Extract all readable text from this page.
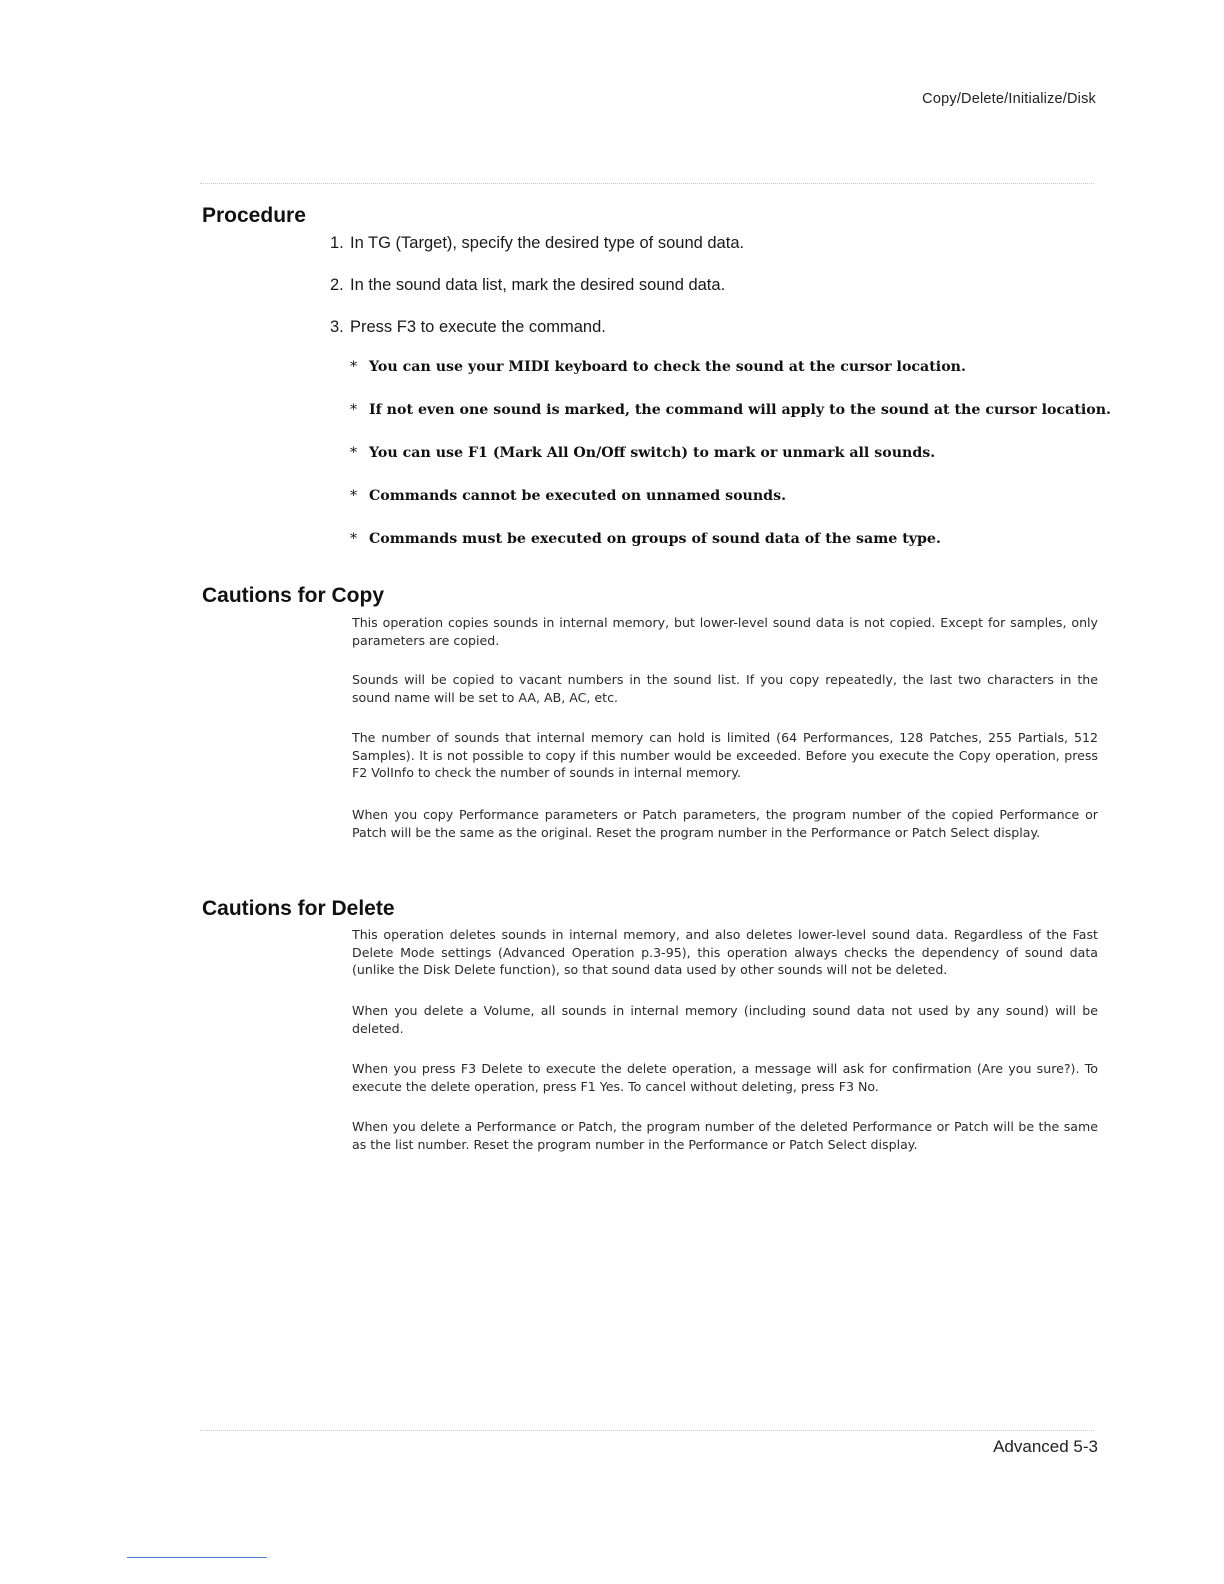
Copy/Delete/Initialize/Disk
Procedure
1. In TG (Target), specify the desired type of sound data.
2. In the sound data list, mark the desired sound data.
3. Press F3 to execute the command.
* You can use your MIDI keyboard to check the sound at the cursor location.
* If not even one sound is marked, the command will apply to the sound at the cursor location.
* You can use F1 (Mark All On/Off switch) to mark or unmark all sounds.
* Commands cannot be executed on unnamed sounds.
* Commands must be executed on groups of sound data of the same type.
Cautions for Copy

This operation copies sounds in internal memory, but lower-level sound data is not copied. Except for samples, only parameters are copied.

Sounds will be copied to vacant numbers in the sound list. If you copy repeatedly, the last two characters in the sound name will be set to AA, AB, AC, etc.

The number of sounds that internal memory can hold is limited (64 Performances, 128 Patches, 255 Partials, 512 Samples). It is not possible to copy if this number would be exceeded. Before you execute the Copy operation, press F2 VolInfo to check the number of sounds in internal memory.

When you copy Performance parameters or Patch parameters, the program number of the copied Performance or Patch will be the same as the original. Reset the program number in the Performance or Patch Select display.

Cautions for Delete

This operation deletes sounds in internal memory, and also deletes lower-level sound data. Regardless of the Fast Delete Mode settings (Advanced Operation p.3-95), this operation always checks the dependency of sound data (unlike the Disk Delete function), so that sound data used by other sounds will not be deleted.

When you delete a Volume, all sounds in internal memory (including sound data not used by any sound) will be deleted.

When you press F3 Delete to execute the delete operation, a message will ask for confirmation (Are you sure?). To execute the delete operation, press F1 Yes. To cancel without deleting, press F3 No.

When you delete a Performance or Patch, the program number of the deleted Performance or Patch will be the same as the list number. Reset the program number in the Performance or Patch Select display.

Advanced 5-3
